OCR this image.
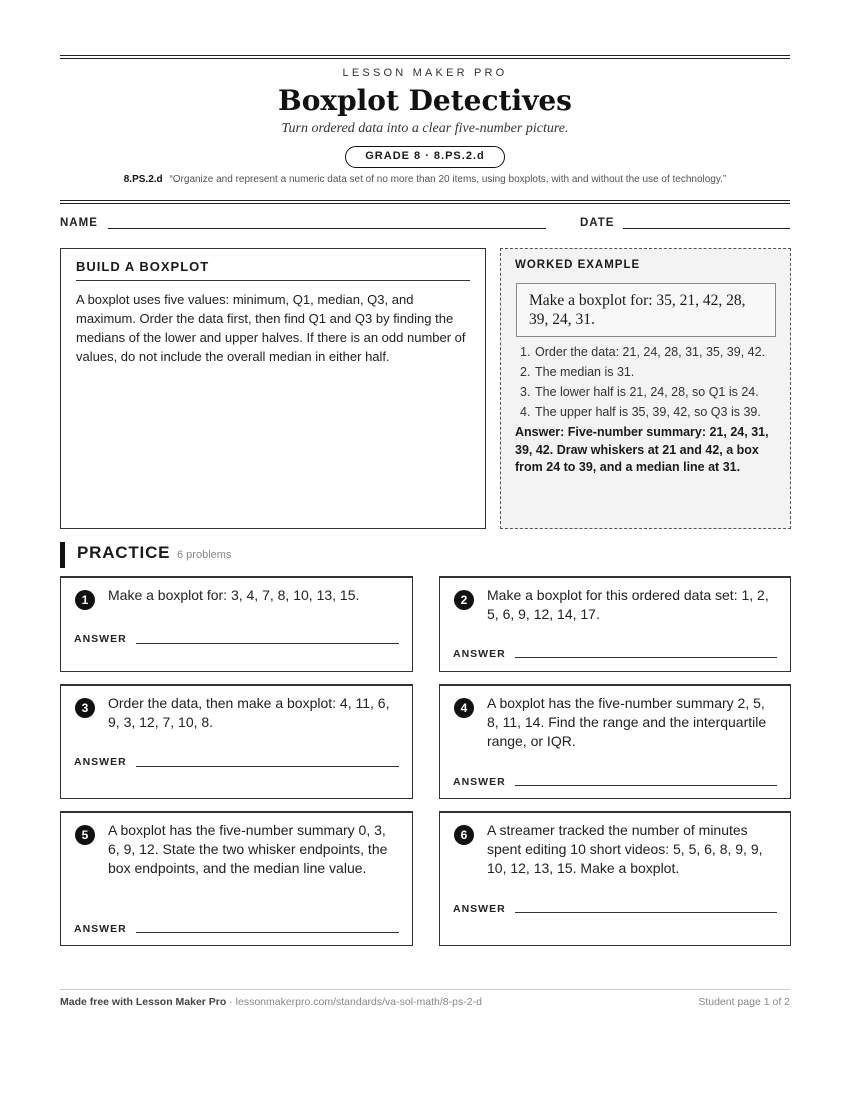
LESSON MAKER PRO
Boxplot Detectives
Turn ordered data into a clear five-number picture.
GRADE 8 · 8.PS.2.d
8.PS.2.d “Organize and represent a numeric data set of no more than 20 items, using boxplots, with and without the use of technology.”
NAME	DATE
BUILD A BOXPLOT
A boxplot uses five values: minimum, Q1, median, Q3, and maximum. Order the data first, then find Q1 and Q3 by finding the medians of the lower and upper halves. If there is an odd number of values, do not include the overall median in either half.
WORKED EXAMPLE
Make a boxplot for: 35, 21, 42, 28, 39, 24, 31.
1. Order the data: 21, 24, 28, 31, 35, 39, 42.
2. The median is 31.
3. The lower half is 21, 24, 28, so Q1 is 24.
4. The upper half is 35, 39, 42, so Q3 is 39.
Answer: Five-number summary: 21, 24, 31, 39, 42. Draw whiskers at 21 and 42, a box from 24 to 39, and a median line at 31.
PRACTICE 6 problems
1	Make a boxplot for: 3, 4, 7, 8, 10, 13, 15.
ANSWER
2	Make a boxplot for this ordered data set: 1, 2, 5, 6, 9, 12, 14, 17.
ANSWER
3	Order the data, then make a boxplot: 4, 11, 6, 9, 3, 12, 7, 10, 8.
ANSWER
4	A boxplot has the five-number summary 2, 5, 8, 11, 14. Find the range and the interquartile range, or IQR.
ANSWER
5	A boxplot has the five-number summary 0, 3, 6, 9, 12. State the two whisker endpoints, the box endpoints, and the median line value.
ANSWER
6	A streamer tracked the number of minutes spent editing 10 short videos: 5, 5, 6, 8, 9, 9, 10, 12, 13, 15. Make a boxplot.
ANSWER
Made free with Lesson Maker Pro · lessonmakerpro.com/standards/va-sol-math/8-ps-2-d	Student page 1 of 2
